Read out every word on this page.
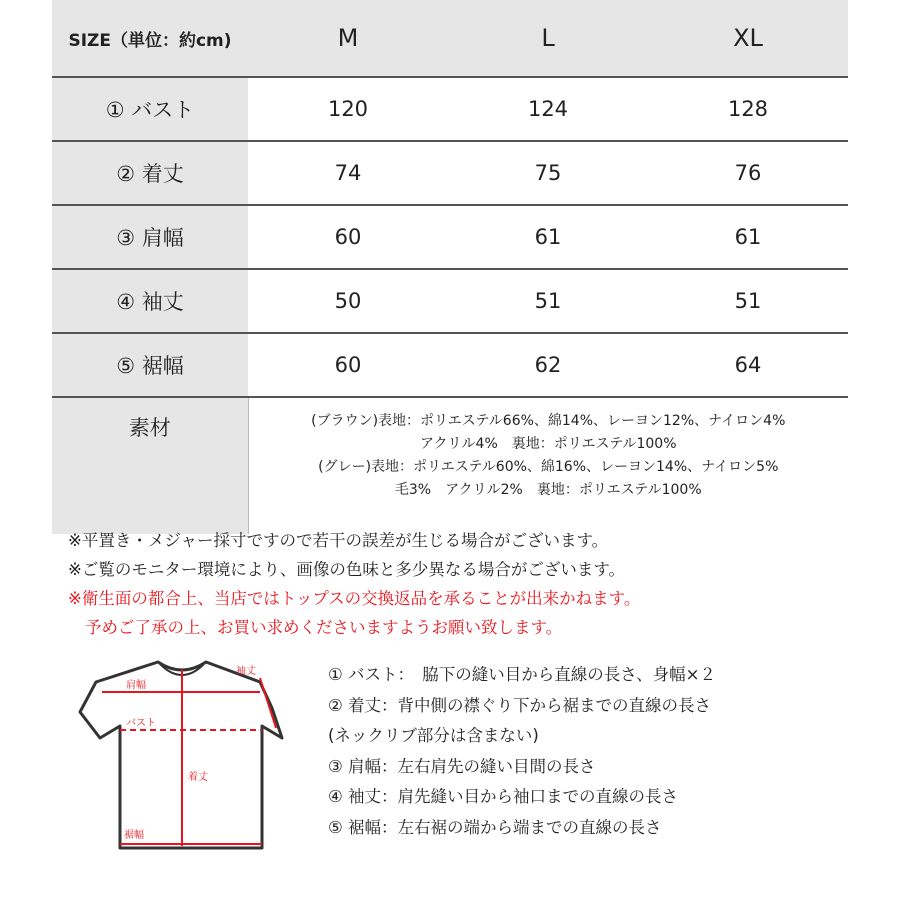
SIZE（単位：約cm)	M	L	XL
① バスト	120	124	128
② 着丈	74	75	76
③ 肩幅	60	61	61
④ 袖丈	50	51	51
⑤ 裾幅	60	62	64
素材	(ブラウン)表地：ポリエステル66%、綿14%、レーヨン12%、ナイロン4%
アクリル4%　裏地：ポリエステル100%
(グレー)表地：ポリエステル60%、綿16%、レーヨン14%、ナイロン5%
毛3%　アクリル2%　裏地：ポリエステル100%		
※平置き・メジャー採寸ですので若干の誤差が生じる場合がございます。
※ご覧のモニター環境により、画像の色味と多少異なる場合がございます。
※衛生面の都合上、当店ではトップスの交換返品を承ることが出来かねます。
予めご了承の上、お買い求めくださいますようお願い致します。
袖丈
肩幅
バスト
着丈
裾幅
① バスト：　脇下の縫い目から直線の長さ、身幅×２
② 着丈：背中側の襟ぐり下から裾までの直線の長さ
(ネックリブ部分は含まない)
③ 肩幅：左右肩先の縫い目間の長さ
④ 袖丈：肩先縫い目から袖口までの直線の長さ
⑤ 裾幅：左右裾の端から端までの直線の長さ
